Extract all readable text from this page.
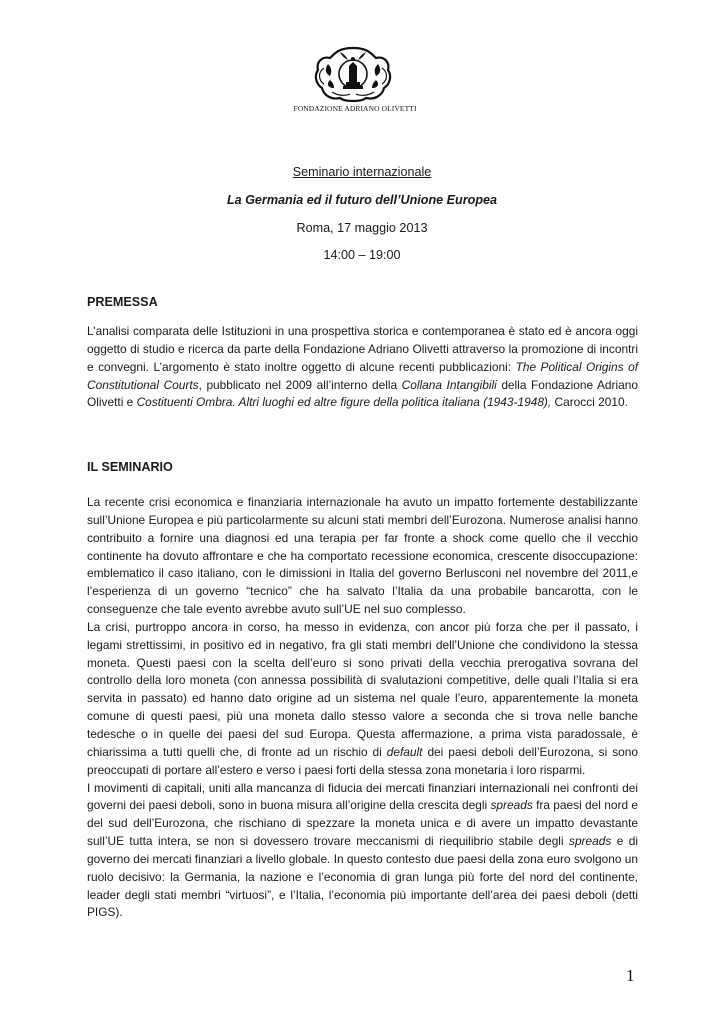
FONDAZIONE ADRIANO OLIVETTI
Seminario internazionale
La Germania ed il futuro dell’Unione Europea
Roma, 17 maggio 2013
14:00 – 19:00
PREMESSA

L’analisi comparata delle Istituzioni in una prospettiva storica e contemporanea è stato ed è ancora oggi oggetto di studio e ricerca da parte della Fondazione Adriano Olivetti attraverso la promozione di incontri e convegni. L’argomento è stato inoltre oggetto di alcune recenti pubblicazioni: The Political Origins of Constitutional Courts, pubblicato nel 2009 all’interno della Collana Intangibili della Fondazione Adriano Olivetti e Costituenti Ombra. Altri luoghi ed altre figure della politica italiana (1943-1948), Carocci 2010.

IL SEMINARIO

La recente crisi economica e finanziaria internazionale ha avuto un impatto fortemente destabilizzante sull’Unione Europea e più particolarmente su alcuni stati membri dell’Eurozona. Numerose analisi hanno contribuito a fornire una diagnosi ed una terapia per far fronte a shock come quello che il vecchio continente ha dovuto affrontare e che ha comportato recessione economica, crescente disoccupazione: emblematico il caso italiano, con le dimissioni in Italia del governo Berlusconi nel novembre del 2011,e l’esperienza di un governo “tecnico” che ha salvato l’Italia da una probabile bancarotta, con le conseguenze che tale evento avrebbe avuto sull’UE nel suo complesso.

La crisi, purtroppo ancora in corso, ha messo in evidenza, con ancor più forza che per il passato, i legami strettissimi, in positivo ed in negativo, fra gli stati membri dell’Unione che condividono la stessa moneta. Questi paesi con la scelta dell’euro si sono privati della vecchia prerogativa sovrana del controllo della loro moneta (con annessa possibilità di svalutazioni competitive, delle quali l’Italia si era servita in passato) ed hanno dato origine ad un sistema nel quale l’euro, apparentemente la moneta comune di questi paesi, più una moneta dallo stesso valore a seconda che si trova nelle banche tedesche o in quelle dei paesi del sud Europa. Questa affermazione, a prima vista paradossale, è chiarissima a tutti quelli che, di fronte ad un rischio di default dei paesi deboli dell’Eurozona, si sono preoccupati di portare all’estero e verso i paesi forti della stessa zona monetaria i loro risparmi.

I movimenti di capitali, uniti alla mancanza di fiducia dei mercati finanziari internazionali nei confronti dei governi dei paesi deboli, sono in buona misura all’origine della crescita degli spreads fra paesi del nord e del sud dell’Eurozona, che rischiano di spezzare la moneta unica e di avere un impatto devastante sull’UE tutta intera, se non si dovessero trovare meccanismi di riequilibrio stabile degli spreads e di governo dei mercati finanziari a livello globale. In questo contesto due paesi della zona euro svolgono un ruolo decisivo: la Germania, la nazione e l’economia di gran lunga più forte del nord del continente, leader degli stati membri “virtuosi”, e l’Italia, l’economia più importante dell’area dei paesi deboli (detti PIGS).

1
